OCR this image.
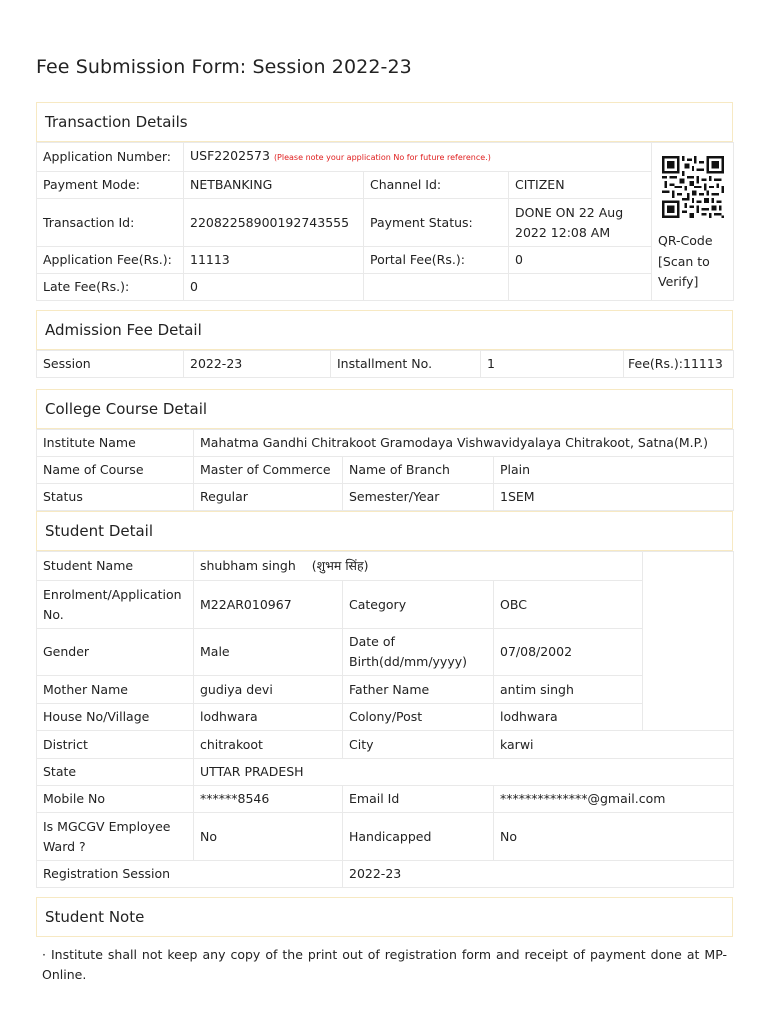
Fee Submission Form: Session 2022-23
Transaction Details
Application Number:	USF2202573 (Please note your application No for future reference.)			QR-Code [Scan to Verify]

Payment Mode:	NETBANKING	Channel Id:	CITIZEN	
Transaction Id:	22082258900192743555	Payment Status:	DONE ON 22 Aug 2022 12:08 AM	
Application Fee(Rs.):	11113	Portal Fee(Rs.):	0	
Late Fee(Rs.):	0			
Admission Fee Detail
Session	2022-23	Installment No.	1	Fee(Rs.):11113
College Course Detail
Institute Name	Mahatma Gandhi Chitrakoot Gramodaya Vishwavidyalaya Chitrakoot, Satna(M.P.)		
Name of Course	Master of Commerce	Name of Branch	Plain
Status	Regular	Semester/Year	1SEM
Student Detail
Student Name	shubham singh (शुभम सिंह)			
Enrolment/Application No.	M22AR010967	Category	OBC	
Gender	Male	Date of Birth(dd/mm/yyyy)	07/08/2002	
Mother Name	gudiya devi	Father Name	antim singh	
House No/Village	lodhwara	Colony/Post	lodhwara	
District	chitrakoot	City	karwi	
State	UTTAR PRADESH			
Mobile No	******8546	Email Id	**************@gmail.com	
Is MGCGV Employee Ward ?	No	Handicapped	No	
Registration Session		2022-23		
Student Note
· Institute shall not keep any copy of the print out of registration form and receipt of payment done at MP-Online.
